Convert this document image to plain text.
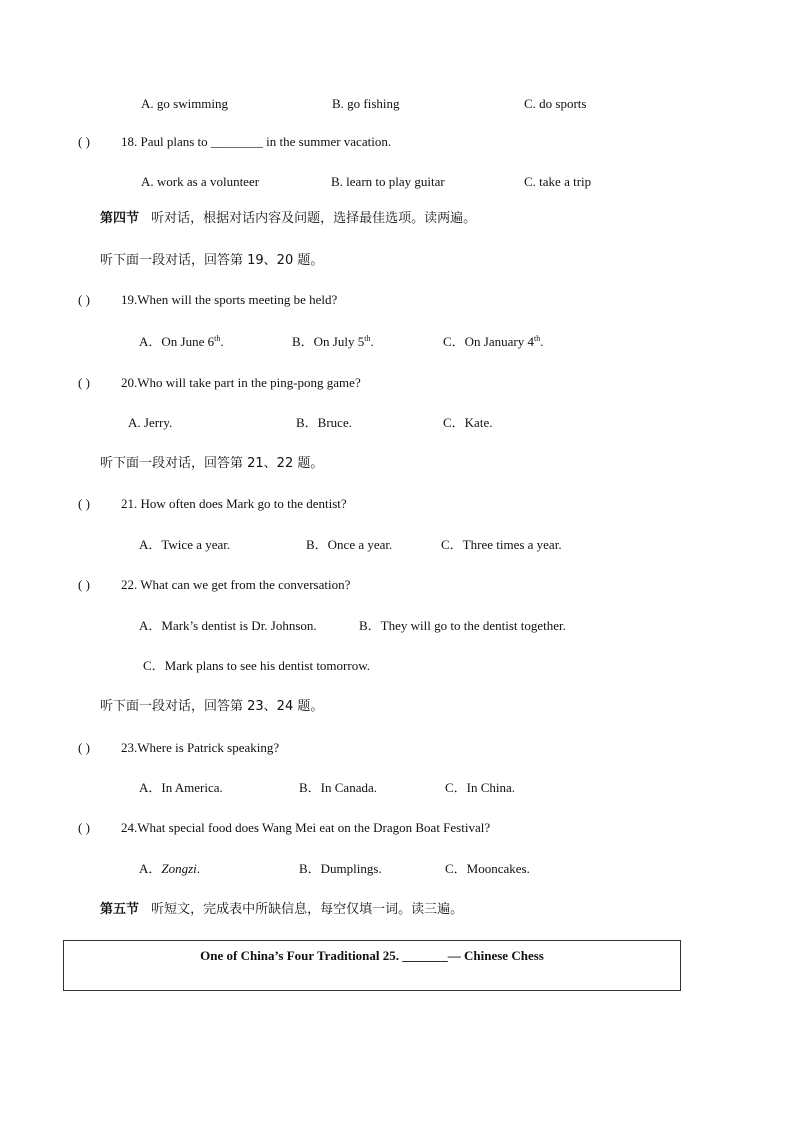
A. go swimming	B. go fishing	C. do sports
( ) 18. Paul plans to ________ in the summer vacation.
A. work as a volunteer	B. learn to play guitar	C. take a trip
第四节 听对话，根据对话内容及问题，选择最佳选项。读两遍。
听下面一段对话，回答第 19、20 题。
( ) 19.When will the sports meeting be held?
A．On June 6th.	B．On July 5th.	C．On January 4th.
( ) 20.Who will take part in the ping-pong game?
A. Jerry.	B．Bruce.	C．Kate.
听下面一段对话，回答第 21、22 题。
( ) 21. How often does Mark go to the dentist?
A．Twice a year.	B．Once a year.	C．Three times a year.
( ) 22. What can we get from the conversation?
A．Mark’s dentist is Dr. Johnson.	B．They will go to the dentist together.
C．Mark plans to see his dentist tomorrow.
听下面一段对话，回答第 23、24 题。
( ) 23.Where is Patrick speaking?
A．In America.	B．In Canada.	C．In China.
( ) 24.What special food does Wang Mei eat on the Dragon Boat Festival?
A．Zongzi.	B．Dumplings.	C．Mooncakes.
第五节 听短文，完成表中所缺信息，每空仅填一词。读三遍。
One of China’s Four Traditional 25. _______— Chinese Chess
